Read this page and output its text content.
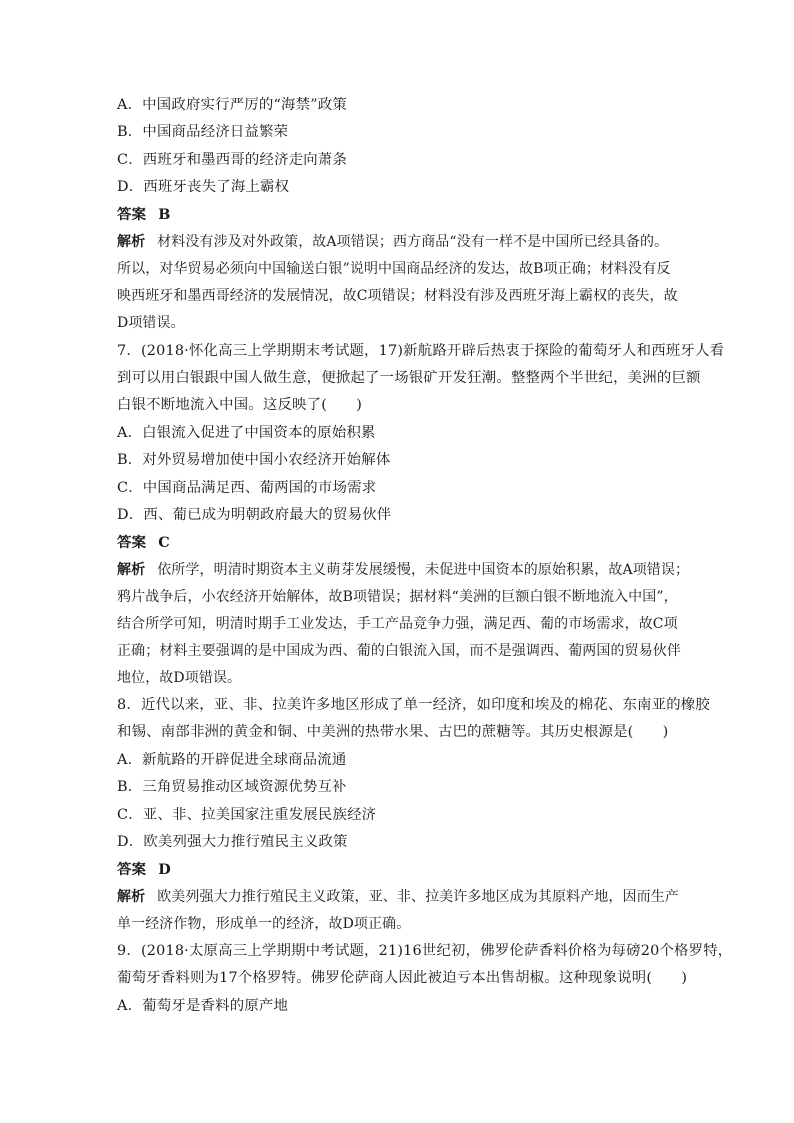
A．中国政府实行严厉的“海禁”政策
B．中国商品经济日益繁荣
C．西班牙和墨西哥的经济走向萧条
D．西班牙丧失了海上霸权
答案 B
解析 材料没有涉及对外政策，故A项错误；西方商品“没有一样不是中国所已经具备的。
所以，对华贸易必须向中国输送白银”说明中国商品经济的发达，故B项正确；材料没有反
映西班牙和墨西哥经济的发展情况，故C项错误；材料没有涉及西班牙海上霸权的丧失，故
D项错误。
7．(2018·怀化高三上学期期末考试题，17)新航路开辟后热衷于探险的葡萄牙人和西班牙人看
到可以用白银跟中国人做生意，便掀起了一场银矿开发狂潮。整整两个半世纪，美洲的巨额
白银不断地流入中国。这反映了(　　)
A．白银流入促进了中国资本的原始积累
B．对外贸易增加使中国小农经济开始解体
C．中国商品满足西、葡两国的市场需求
D．西、葡已成为明朝政府最大的贸易伙伴
答案 C
解析 依所学，明清时期资本主义萌芽发展缓慢，未促进中国资本的原始积累，故A项错误；
鸦片战争后，小农经济开始解体，故B项错误；据材料“美洲的巨额白银不断地流入中国”，
结合所学可知，明清时期手工业发达，手工产品竞争力强，满足西、葡的市场需求，故C项
正确；材料主要强调的是中国成为西、葡的白银流入国，而不是强调西、葡两国的贸易伙伴
地位，故D项错误。
8．近代以来，亚、非、拉美许多地区形成了单一经济，如印度和埃及的棉花、东南亚的橡胶
和锡、南部非洲的黄金和铜、中美洲的热带水果、古巴的蔗糖等。其历史根源是(　　)
A．新航路的开辟促进全球商品流通
B．三角贸易推动区域资源优势互补
C．亚、非、拉美国家注重发展民族经济
D．欧美列强大力推行殖民主义政策
答案 D
解析 欧美列强大力推行殖民主义政策，亚、非、拉美许多地区成为其原料产地，因而生产
单一经济作物，形成单一的经济，故D项正确。
9．(2018·太原高三上学期期中考试题，21)16世纪初，佛罗伦萨香料价格为每磅20个格罗特，
葡萄牙香料则为17个格罗特。佛罗伦萨商人因此被迫亏本出售胡椒。这种现象说明(　　)
A．葡萄牙是香料的原产地
